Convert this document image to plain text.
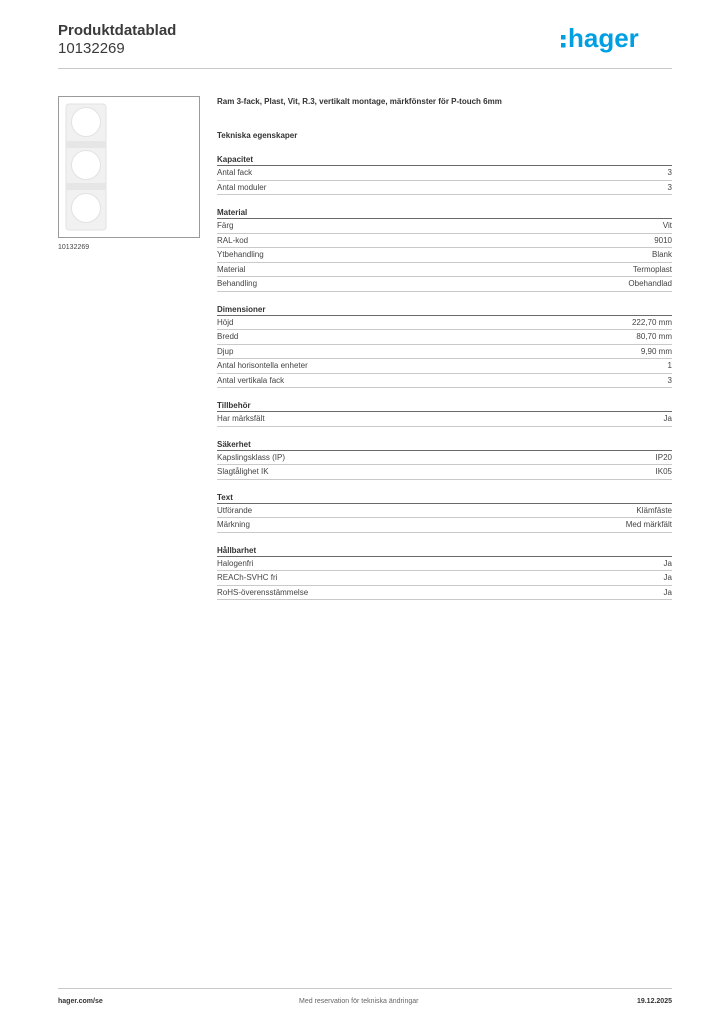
Produktdatablad
10132269	hager
10132269
Ram 3-fack, Plast, Vit, R.3, vertikalt montage, märkfönster för P-touch 6mm
Tekniska egenskaper
Kapacitet
Antal fack	3
Antal moduler	3
Material
Färg	Vit
RAL-kod	9010
Ytbehandling	Blank
Material	Termoplast
Behandling	Obehandlad
Dimensioner
Höjd	222,70 mm
Bredd	80,70 mm
Djup	9,90 mm
Antal horisontella enheter	1
Antal vertikala fack	3
Tillbehör
Har märksfält	Ja
Säkerhet
Kapslingsklass (IP)	IP20
Slagtålighet IK	IK05
Text
Utförande	Klämfäste
Märkning	Med märkfält
Hållbarhet
Halogenfri	Ja
REACh-SVHC fri	Ja
RoHS-överensstämmelse	Ja
hager.com/se	Med reservation för tekniska ändringar	19.12.2025
